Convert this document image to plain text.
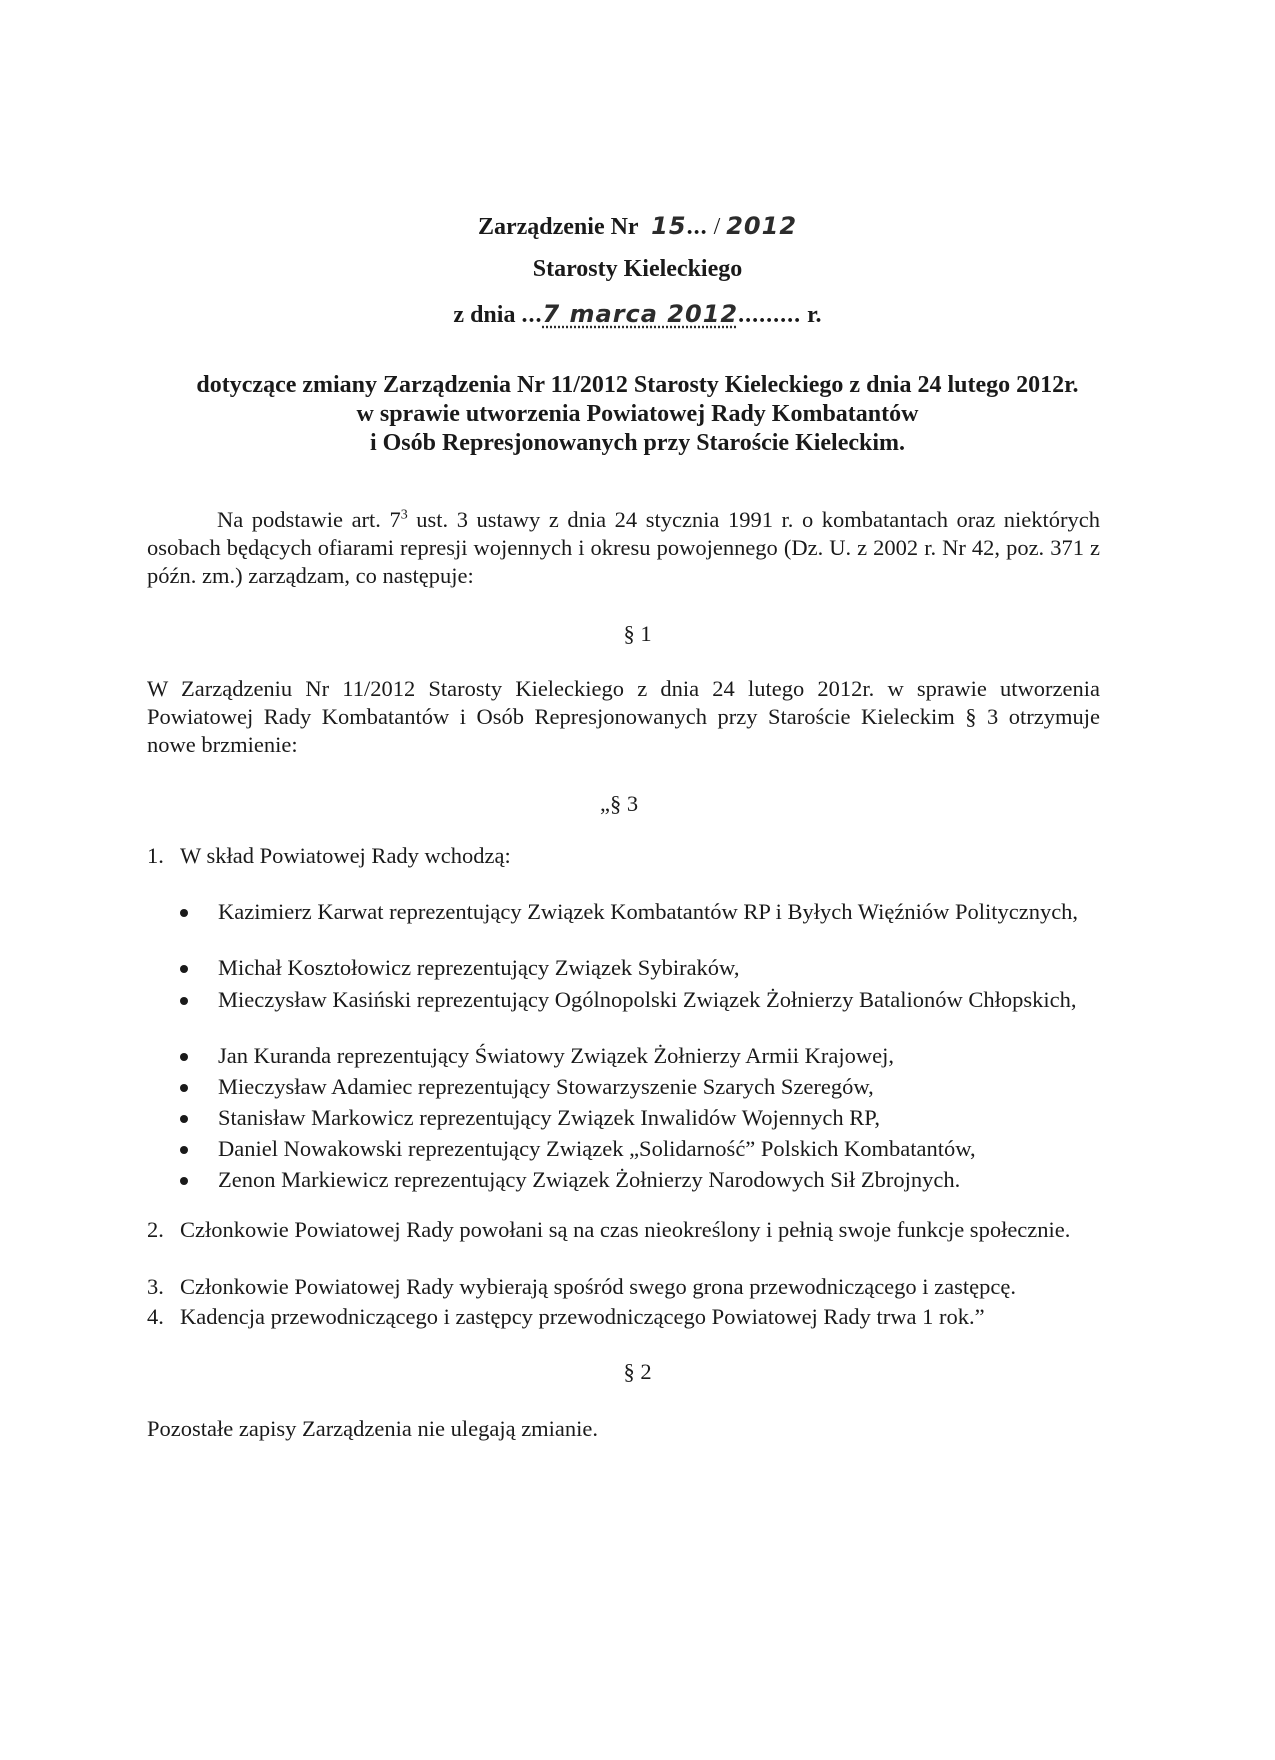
Zarządzenie Nr 15... / 2012
Starosty Kieleckiego
z dnia ...7 marca 2012......... r.
dotyczące zmiany Zarządzenia Nr 11/2012 Starosty Kieleckiego z dnia 24 lutego 2012r.
w sprawie utworzenia Powiatowej Rady Kombatantów
i Osób Represjonowanych przy Staroście Kieleckim.
Na podstawie art. $7^3$ ust. 3 ustawy z dnia 24 stycznia 1991 r. o kombatantach oraz niektórych osobach będących ofiarami represji wojennych i okresu powojennego (Dz. U. z 2002 r. Nr 42, poz. 371 z późn. zm.) zarządzam, co następuje:
§ 1
W Zarządzeniu Nr 11/2012 Starosty Kieleckiego z dnia 24 lutego 2012r. w sprawie utworzenia Powiatowej Rady Kombatantów i Osób Represjonowanych przy Staroście Kieleckim § 3 otrzymuje nowe brzmienie:
„§ 3
1. W skład Powiatowej Rady wchodzą:
Kazimierz Karwat reprezentujący Związek Kombatantów RP i Byłych Więźniów Politycznych,
Michał Kosztołowicz reprezentujący Związek Sybiraków,
Mieczysław Kasiński reprezentujący Ogólnopolski Związek Żołnierzy Batalionów Chłopskich,
Jan Kuranda reprezentujący Światowy Związek Żołnierzy Armii Krajowej,
Mieczysław Adamiec reprezentujący Stowarzyszenie Szarych Szeregów,
Stanisław Markowicz reprezentujący Związek Inwalidów Wojennych RP,
Daniel Nowakowski reprezentujący Związek „Solidarność” Polskich Kombatantów,
Zenon Markiewicz reprezentujący Związek Żołnierzy Narodowych Sił Zbrojnych.
2. Członkowie Powiatowej Rady powołani są na czas nieokreślony i pełnią swoje funkcje społecznie.
3. Członkowie Powiatowej Rady wybierają spośród swego grona przewodniczącego i zastępcę.
4. Kadencja przewodniczącego i zastępcy przewodniczącego Powiatowej Rady trwa 1 rok.”
§ 2
Pozostałe zapisy Zarządzenia nie ulegają zmianie.
